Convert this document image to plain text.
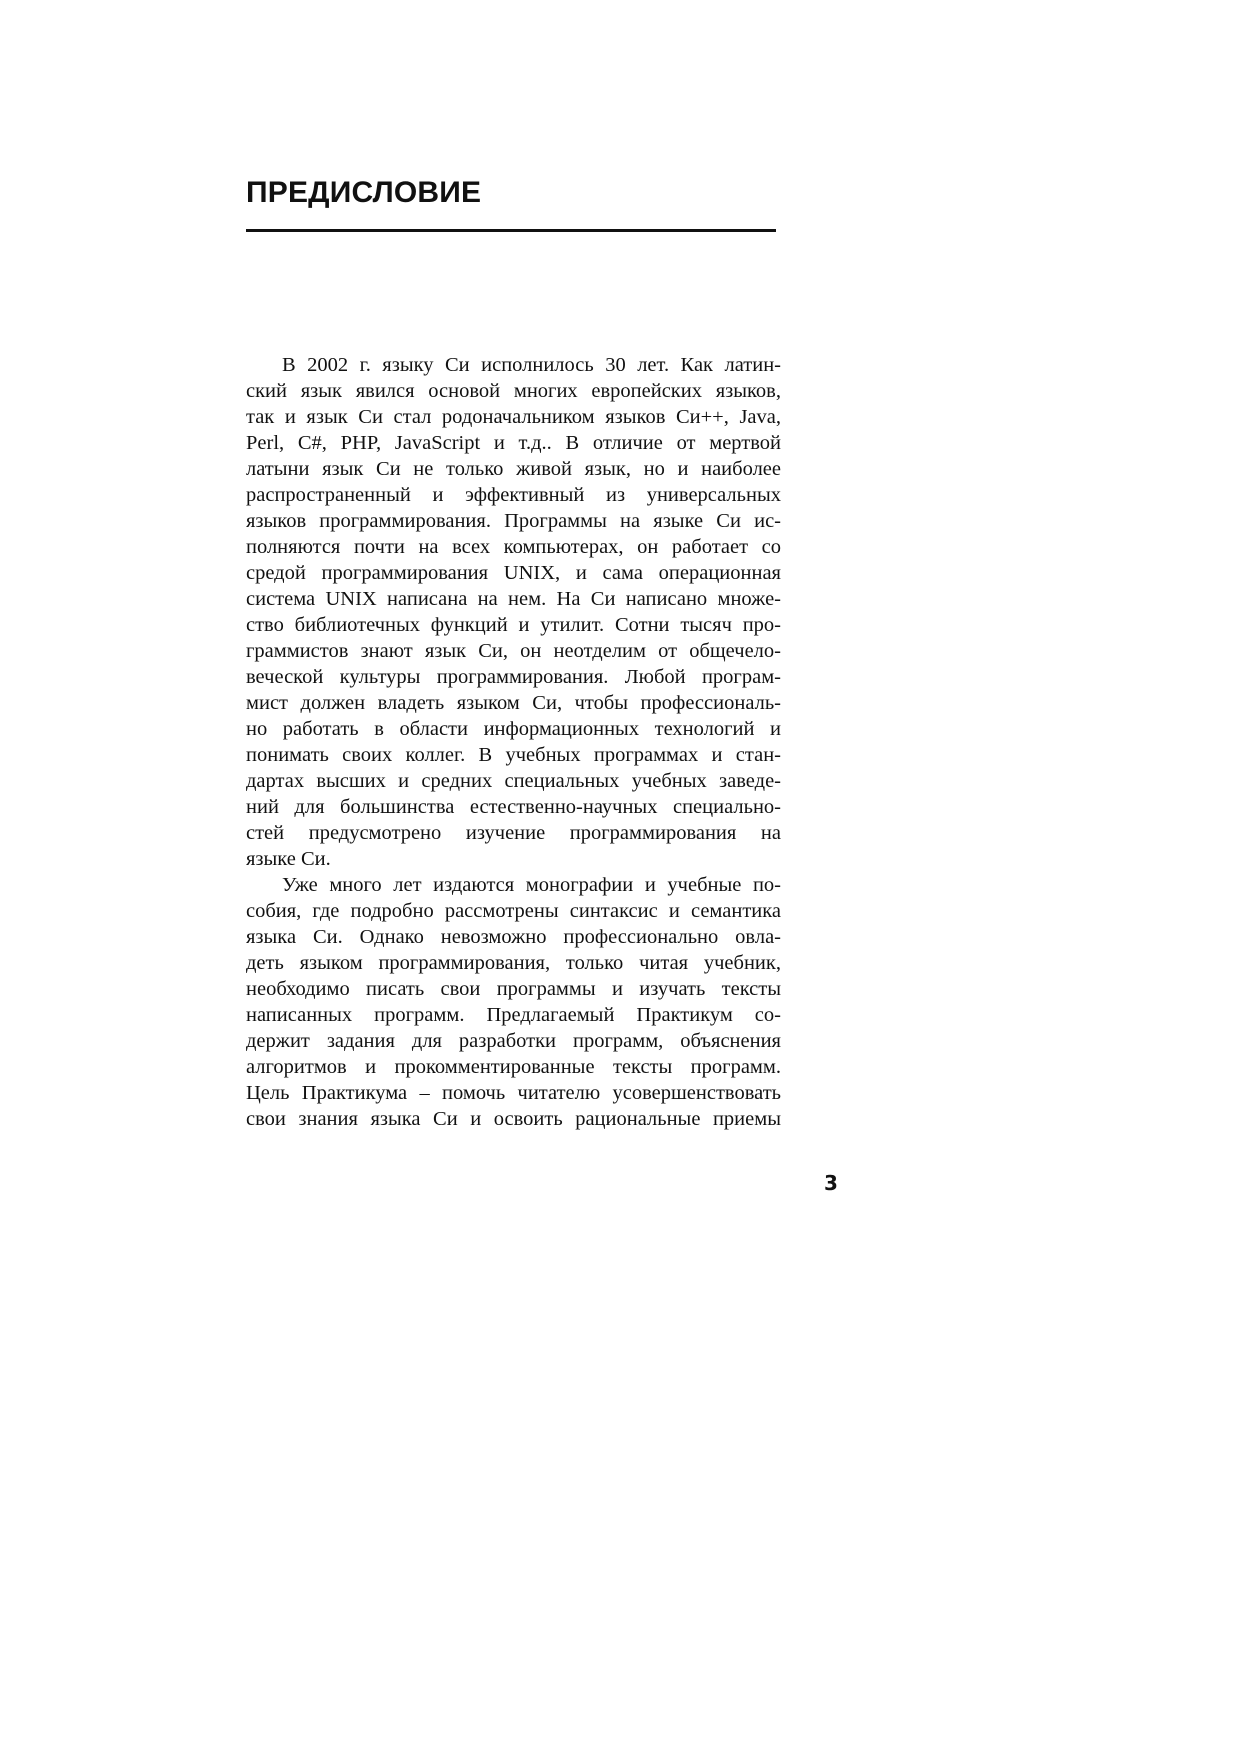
ПРЕДИСЛОВИЕ
В 2002 г. языку Си исполнилось 30 лет. Как латин-
ский язык явился основой многих европейских языков,
так и язык Си стал родоначальником языков Си++, Java,
Perl, C#, PHP, JavaScript и т.д.. В отличие от мертвой
латыни язык Си не только живой язык, но и наиболее
распространенный и эффективный из универсальных
языков программирования. Программы на языке Си ис-
полняются почти на всех компьютерах, он работает со
средой программирования UNIX, и сама операционная
система UNIX написана на нем. На Си написано множе-
ство библиотечных функций и утилит. Сотни тысяч про-
граммистов знают язык Си, он неотделим от общечело-
веческой культуры программирования. Любой програм-
мист должен владеть языком Си, чтобы профессиональ-
но работать в области информационных технологий и
понимать своих коллег. В учебных программах и стан-
дартах высших и средних специальных учебных заведе-
ний для большинства естественно-научных специально-
стей предусмотрено изучение программирования на
языке Си.
Уже много лет издаются монографии и учебные по-
собия, где подробно рассмотрены синтаксис и семантика
языка Си. Однако невозможно профессионально овла-
деть языком программирования, только читая учебник,
необходимо писать свои программы и изучать тексты
написанных программ. Предлагаемый Практикум со-
держит задания для разработки программ, объяснения
алгоритмов и прокомментированные тексты программ.
Цель Практикума – помочь читателю усовершенствовать
свои знания языка Си и освоить рациональные приемы
3
